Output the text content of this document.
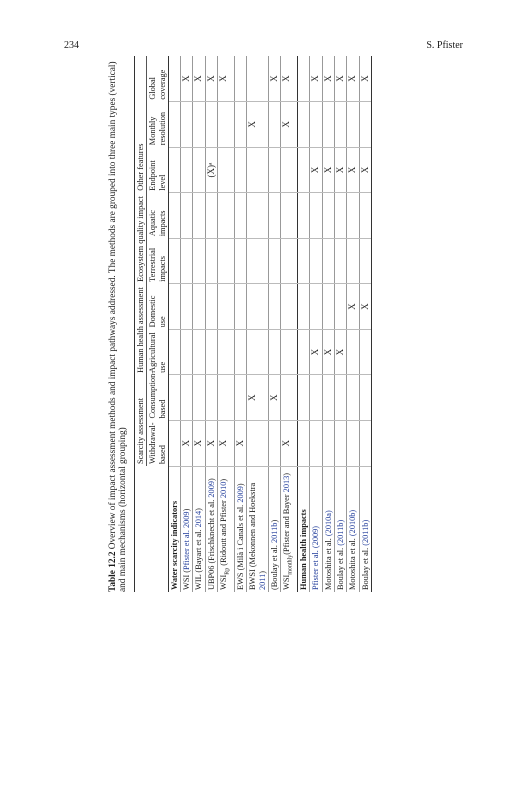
234	S. Pfister

Table 12.2 Overview of impact assessment methods and impact pathways addressed. The methods are grouped into three main types (vertical) and main mechanisms (horizontal grouping)

	Scarcity assessment		Human health assessment		Ecosystem quality impact		Other features		
	Withdrawal-based	Consumption-based	Agricultural use	Domestic use	Terrestrial impacts	Aquatic impacts	Endpoint level	Monthly resolution	Global coverage
Water scarcity indicators									
WSI (Pfister et al. 2009)	X								X
WIL (Bayart et al. 2014)	X								X
UBP06 (Frischknecht et al. 2009)	X						(X)ᵃ		X
$WSI_{Rp}$ (Ridoutt and Pfister 2010)	X								X
EWS (Milà i Canals et al. 2009)	X								
BWSI (Mekonnen and Hoekstra 2011)		X						X	
(Boulay et al. 2011b)		X							X
$WSI_{monthly}(Pfister$ and Bayer 2013)	X							X	X
Human health impacts									
Pfister et al. (2009)			X				X		X
Motoshita et al. (2010a)			X				X		X
Boulay et al. (2011b)			X				X		X
Motoshita et al. (2010b)				X			X		X
Boulay et al. (2011b)				X			X		X
